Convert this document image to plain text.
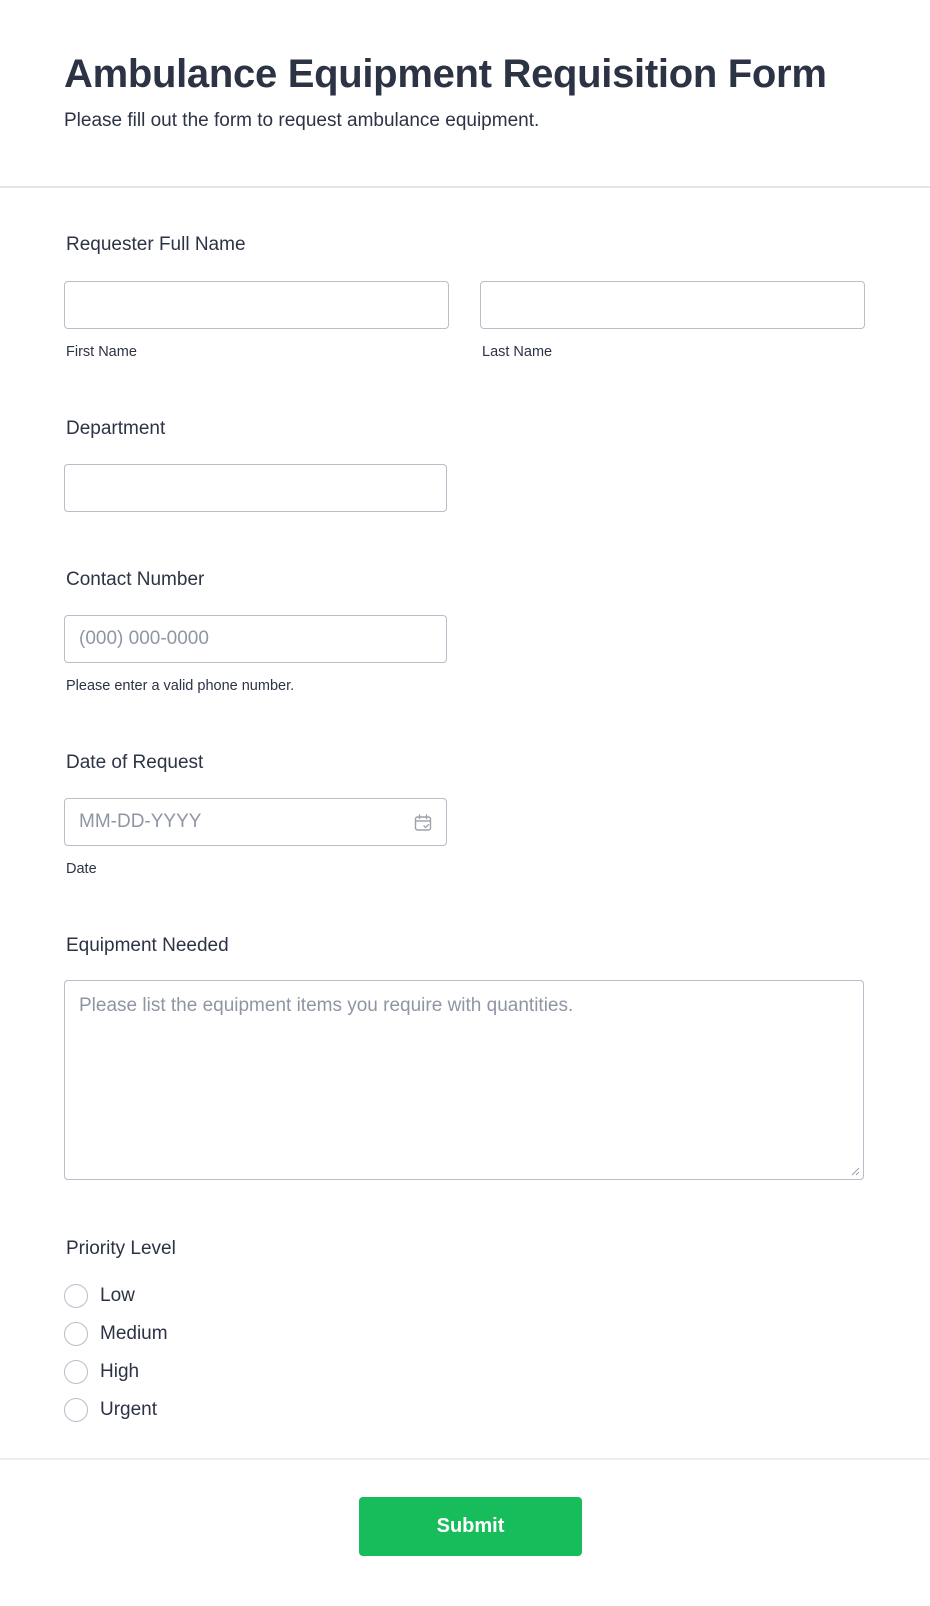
Ambulance Equipment Requisition Form

Please fill out the form to request ambulance equipment.

Requester Full Name
First Name	Last Name
Department
Contact Number
(000) 000-0000
Please enter a valid phone number.
Date of Request
MM-DD-YYYY
Date
Equipment Needed
Please list the equipment items you require with quantities.
Priority Level
Low
Medium
High
Urgent
Submit
